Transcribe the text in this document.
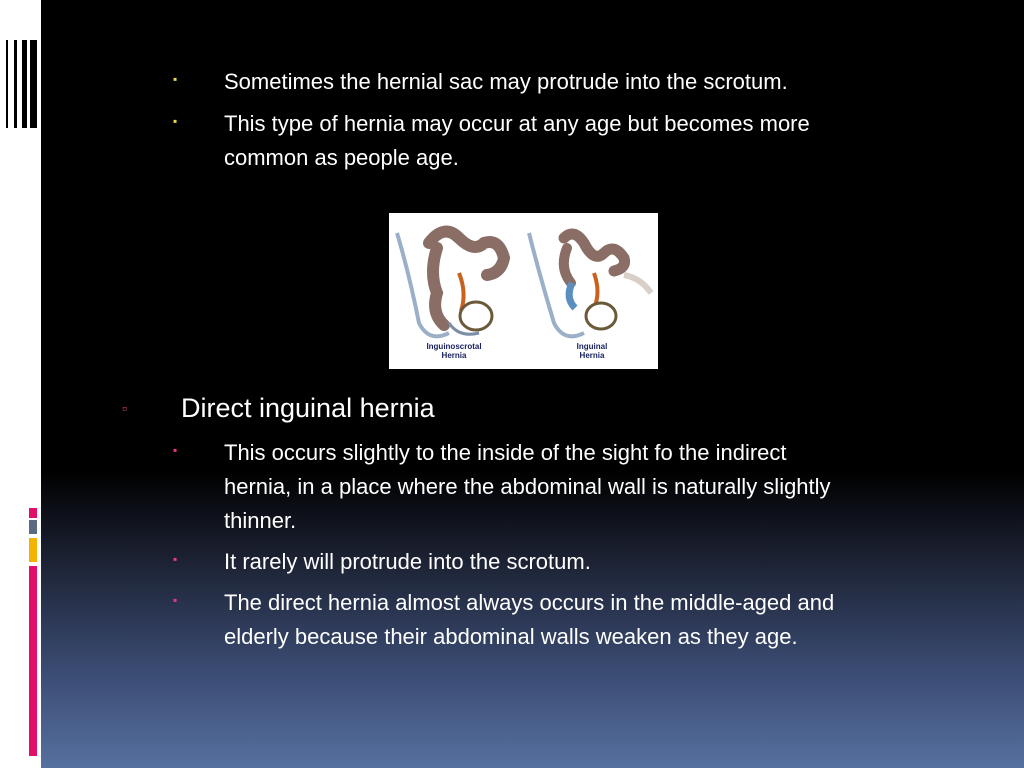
▪ Sometimes the hernial sac may protrude into the scrotum.
▪ This type of hernia may occur at any age but becomes more
common as people age.
Inguinoscrotal
Hernia
Inguinal
Hernia
▫ Direct inguinal hernia
▪ This occurs slightly to the inside of the sight fo the indirect
hernia, in a place where the abdominal wall is naturally slightly
thinner.
▪ It rarely will protrude into the scrotum.
▪ The direct hernia almost always occurs in the middle-aged and
elderly because their abdominal walls weaken as they age.
